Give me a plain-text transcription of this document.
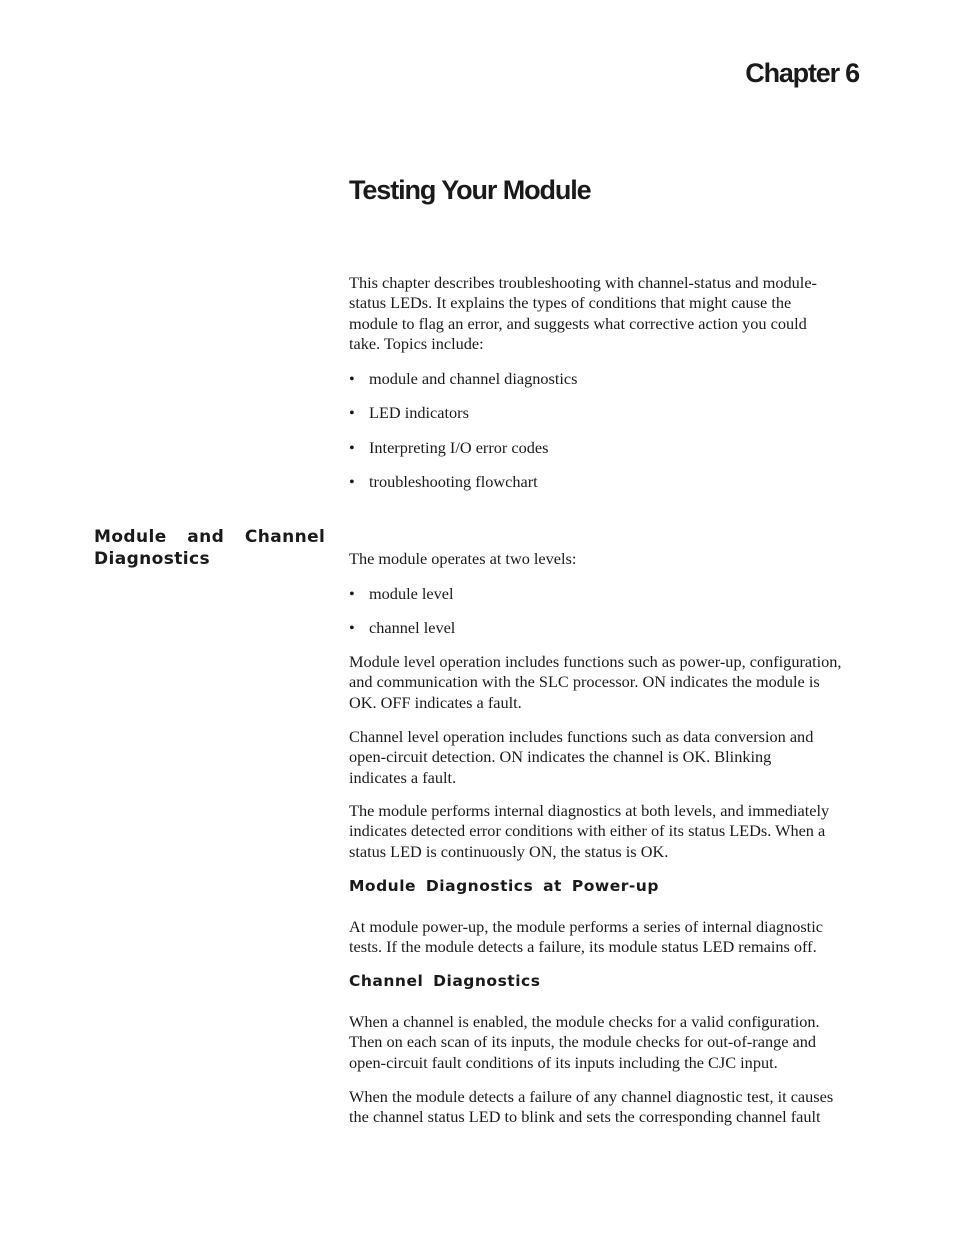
Chapter 6
Testing Your Module
This chapter describes troubleshooting with channel-status and module-
status LEDs. It explains the types of conditions that might cause the
module to flag an error, and suggests what corrective action you could
take. Topics include:
• module and channel diagnostics
• LED indicators
• Interpreting I/O error codes
• troubleshooting flowchart
Module  and  Channel
Diagnostics	The module operates at two levels:
• module level
• channel level
Module level operation includes functions such as power-up, configuration,
and communication with the SLC processor. ON indicates the module is
OK. OFF indicates a fault.
Channel level operation includes functions such as data conversion and
open-circuit detection. ON indicates the channel is OK. Blinking
indicates a fault.
The module performs internal diagnostics at both levels, and immediately
indicates detected error conditions with either of its status LEDs. When a
status LED is continuously ON, the status is OK.
Module Diagnostics at Power-up
At module power-up, the module performs a series of internal diagnostic
tests. If the module detects a failure, its module status LED remains off.
Channel Diagnostics
When a channel is enabled, the module checks for a valid configuration.
Then on each scan of its inputs, the module checks for out-of-range and
open-circuit fault conditions of its inputs including the CJC input.
When the module detects a failure of any channel diagnostic test, it causes
the channel status LED to blink and sets the corresponding channel fault
